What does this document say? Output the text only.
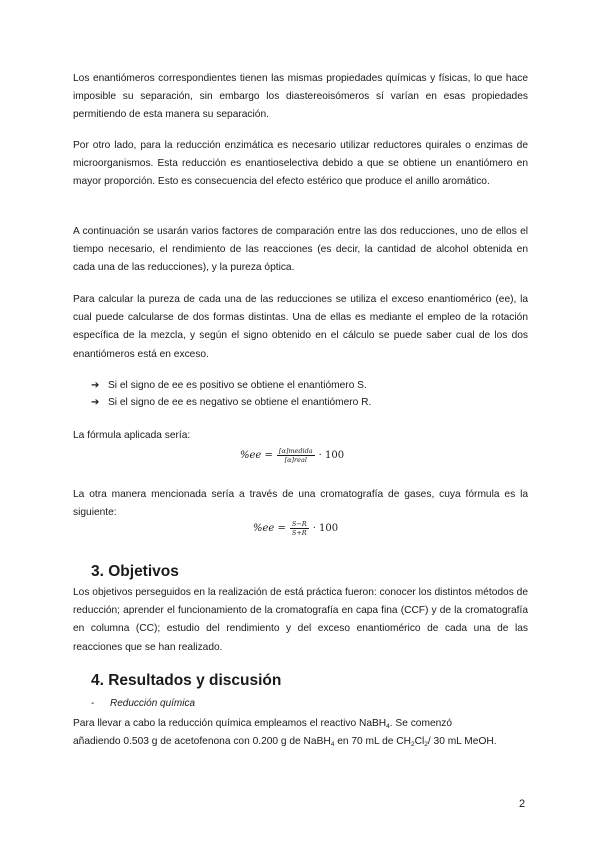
Los enantiómeros correspondientes tienen las mismas propiedades químicas y físicas, lo que hace imposible su separación, sin embargo los diastereoisómeros sí varían en esas propiedades permitiendo de esta manera su separación.

Por otro lado, para la reducción enzimática es necesario utilizar reductores quirales o enzimas de microorganismos. Esta reducción es enantioselectiva debido a que se obtiene un enantiómero en mayor proporción. Esto es consecuencia del efecto estérico que produce el anillo aromático.

A continuación se usarán varios factores de comparación entre las dos reducciones, uno de ellos el tiempo necesario, el rendimiento de las reacciones (es decir, la cantidad de alcohol obtenida en cada una de las reducciones), y la pureza óptica.

Para calcular la pureza de cada una de las reducciones se utiliza el exceso enantiomérico (ee), la cual puede calcularse de dos formas distintas. Una de ellas es mediante el empleo de la rotación específica de la mezcla, y según el signo obtenido en el cálculo se puede saber cual de los dos enantiómeros está en exceso.

➔ Si el signo de ee es positivo se obtiene el enantiómero S.
➔ Si el signo de ee es negativo se obtiene el enantiómero R.

La fórmula aplicada sería:

$\%ee = \frac{\text{[α]medida}}{\text{[α]real}} \cdot 100$

La otra manera mencionada sería a través de una cromatografía de gases, cuya fórmula es la siguiente:

$\%ee = \frac{S-R}{S+R} \cdot 100$
3. Objetivos

Los objetivos perseguidos en la realización de está práctica fueron: conocer los distintos métodos de reducción; aprender el funcionamiento de la cromatografía en capa fina (CCF) y de la cromatografía en columna (CC); estudio del rendimiento y del exceso enantiomérico de cada una de las reacciones que se han realizado.

4. Resultados y discusión
- Reducción química

Para llevar a cabo la reducción química empleamos el reactivo NaBH$_4$. Se comenzó

añadiendo 0.503 g de acetofenona con 0.200 g de NaBH$_4$ en 70 mL de $CH_2Cl_2/$ 30 mL MeOH.

2
